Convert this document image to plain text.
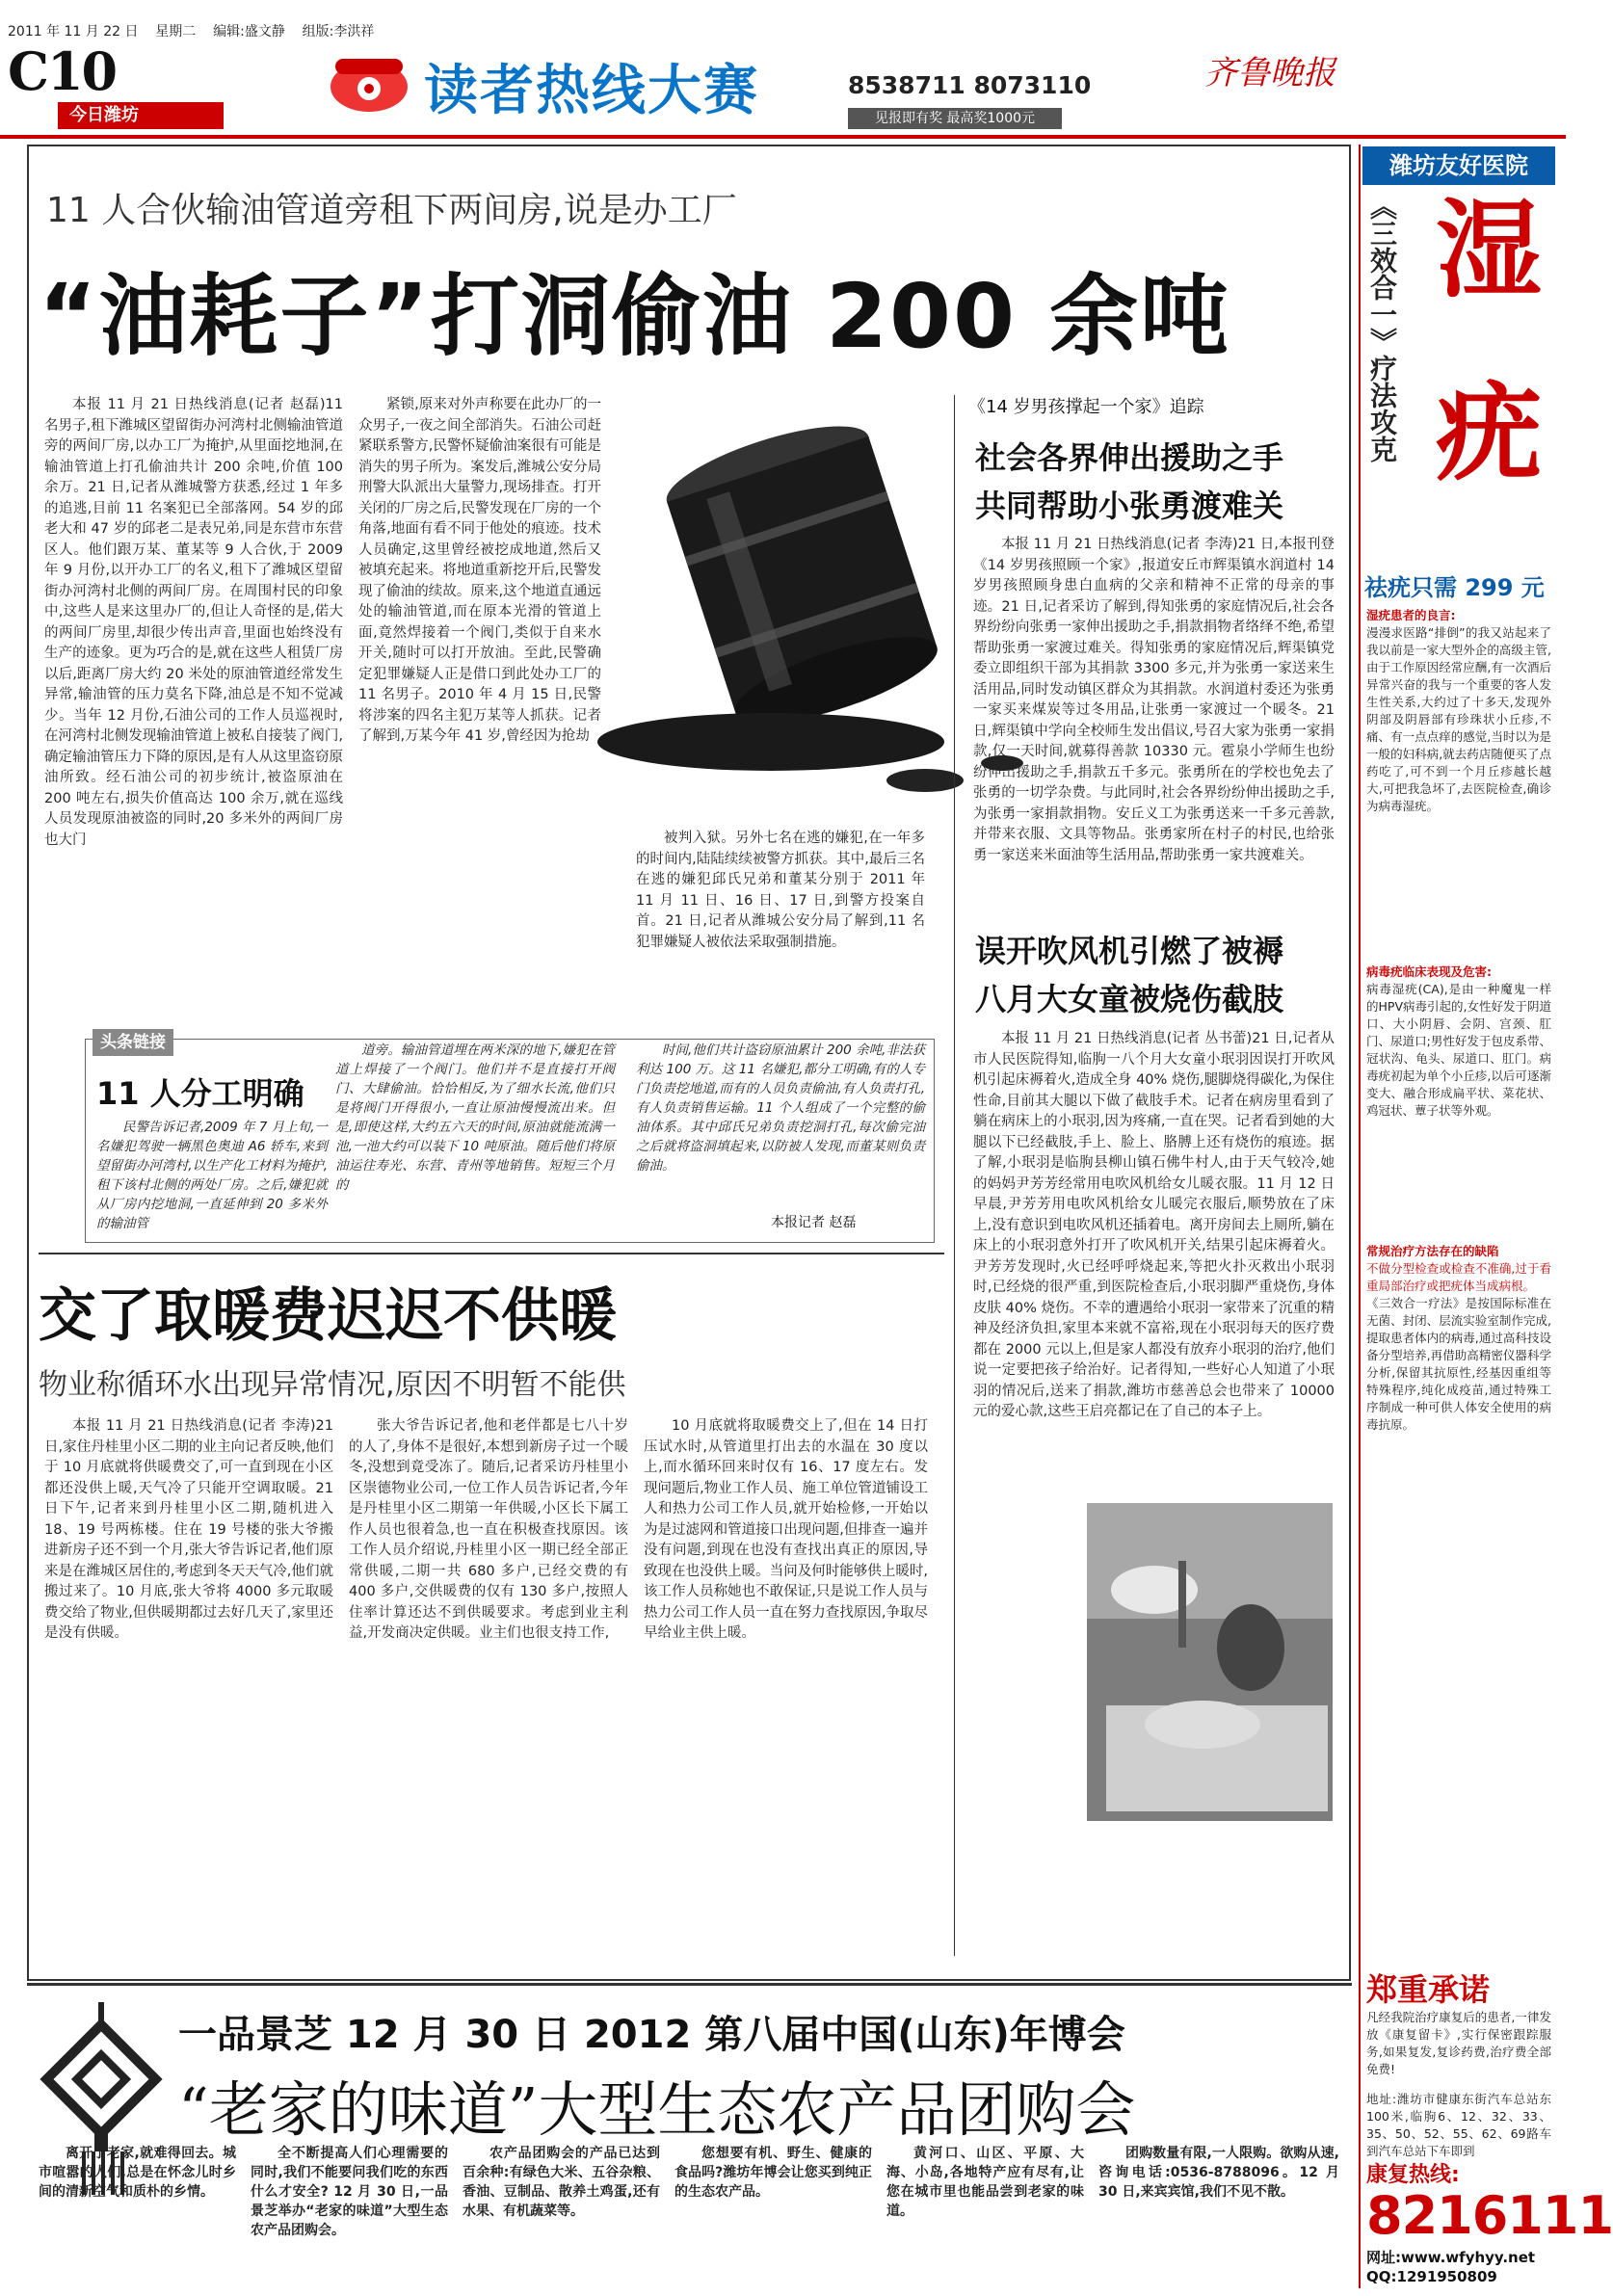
2011 年 11 月 22 日    星期二    编辑:盛文静    组版:李洪祥
C10
今日潍坊	读者热线大赛	8538711 8073110
见报即有奖 最高奖1000元
齐鲁晚报
11 人合伙输油管道旁租下两间房,说是办工厂
“油耗子”打洞偷油 200 余吨

本报 11 月 21 日热线消息(记者 赵磊)11 名男子,租下潍城区望留街办河湾村北侧输油管道旁的两间厂房,以办工厂为掩护,从里面挖地洞,在输油管道上打孔偷油共计 200 余吨,价值 100 余万。21 日,记者从潍城警方获悉,经过 1 年多的追逃,目前 11 名案犯已全部落网。54 岁的邱老大和 47 岁的邱老二是表兄弟,同是东营市东营区人。他们跟万某、董某等 9 人合伙,于 2009 年 9 月份,以开办工厂的名义,租下了潍城区望留街办河湾村北侧的两间厂房。在周围村民的印象中,这些人是来这里办厂的,但让人奇怪的是,偌大的两间厂房里,却很少传出声音,里面也始终没有生产的迹象。更为巧合的是,就在这些人租赁厂房以后,距离厂房大约 20 米处的原油管道经常发生异常,输油管的压力莫名下降,油总是不知不觉减少。当年 12 月份,石油公司的工作人员巡视时,在河湾村北侧发现输油管道上被私自接装了阀门,确定输油管压力下降的原因,是有人从这里盗窃原油所致。经石油公司的初步统计,被盗原油在 200 吨左右,损失价值高达 100 余万,就在巡线人员发现原油被盗的同时,20 多米外的两间厂房也大门

紧锁,原来对外声称要在此办厂的一众男子,一夜之间全部消失。石油公司赶紧联系警方,民警怀疑偷油案很有可能是消失的男子所为。案发后,潍城公安分局刑警大队派出大量警力,现场排查。打开关闭的厂房之后,民警发现在厂房的一个角落,地面有看不同于他处的痕迹。技术人员确定,这里曾经被挖成地道,然后又被填充起来。将地道重新挖开后,民警发现了偷油的续故。原来,这个地道直通远处的输油管道,而在原本光滑的管道上面,竟然焊接着一个阀门,类似于自来水开关,随时可以打开放油。至此,民警确定犯罪嫌疑人正是借口到此处办工厂的 11 名男子。2010 年 4 月 15 日,民警将涉案的四名主犯万某等人抓获。记者了解到,万某今年 41 岁,曾经因为抢劫

被判入狱。另外七名在逃的嫌犯,在一年多的时间内,陆陆续续被警方抓获。其中,最后三名在逃的嫌犯邱氏兄弟和董某分别于 2011 年 11 月 11 日、16 日、17 日,到警方投案自首。21 日,记者从潍城公安分局了解到,11 名犯罪嫌疑人被依法采取强制措施。

头条链接
11 人分工明确

民警告诉记者,2009 年 7 月上旬,一名嫌犯驾驶一辆黑色奥迪 A6 轿车,来到望留街办河湾村,以生产化工材料为掩护,租下该村北侧的两处厂房。之后,嫌犯就从厂房内挖地洞,一直延伸到 20 多米外的输油管

道旁。输油管道埋在两米深的地下,嫌犯在管道上焊接了一个阀门。他们并不是直接打开阀门、大肆偷油。恰恰相反,为了细水长流,他们只是将阀门开得很小,一直让原油慢慢流出来。但是,即使这样,大约五六天的时间,原油就能流满一池,一池大约可以装下 10 吨原油。随后他们将原油运往寿光、东营、青州等地销售。短短三个月的

时间,他们共计盗窃原油累计 200 余吨,非法获利达 100 万。这 11 名嫌犯,都分工明确,有的人专门负责挖地道,而有的人员负责偷油,有人负责打孔,有人负责销售运输。11 个人组成了一个完整的偷油体系。其中邱氏兄弟负责挖洞打孔,每次偷完油之后就将盗洞填起来,以防被人发现,而董某则负责偷油。

本报记者 赵磊
交了取暖费迟迟不供暖
物业称循环水出现异常情况,原因不明暂不能供

本报 11 月 21 日热线消息(记者 李涛)21 日,家住丹桂里小区二期的业主向记者反映,他们于 10 月底就将供暖费交了,可一直到现在小区都还没供上暖,天气冷了只能开空调取暖。21 日下午,记者来到丹桂里小区二期,随机进入 18、19 号两栋楼。住在 19 号楼的张大爷搬进新房子还不到一个月,张大爷告诉记者,他们原来是在潍城区居住的,考虑到冬天天气冷,他们就搬过来了。10 月底,张大爷将 4000 多元取暖费交给了物业,但供暖期都过去好几天了,家里还是没有供暖。

张大爷告诉记者,他和老伴都是七八十岁的人了,身体不是很好,本想到新房子过一个暖冬,没想到竟受冻了。随后,记者采访丹桂里小区崇德物业公司,一位工作人员告诉记者,今年是丹桂里小区二期第一年供暖,小区长下属工作人员也很着急,也一直在积极查找原因。该工作人员介绍说,丹桂里小区一期已经全部正常供暖,二期一共 680 多户,已经交费的有 400 多户,交供暖费的仅有 130 多户,按照人住率计算还达不到供暖要求。考虑到业主利益,开发商决定供暖。业主们也很支持工作,

10 月底就将取暖费交上了,但在 14 日打压试水时,从管道里打出去的水温在 30 度以上,而水循环回来时仅有 16、17 度左右。发现问题后,物业工作人员、施工单位管道铺设工人和热力公司工作人员,就开始检修,一开始以为是过滤网和管道接口出现问题,但排查一遍并没有问题,到现在也没有查找出真正的原因,导致现在也没供上暖。当问及何时能够供上暖时,该工作人员称她也不敢保证,只是说工作人员与热力公司工作人员一直在努力查找原因,争取尽早给业主供上暖。

《14 岁男孩撑起一个家》追踪
社会各界伸出援助之手
共同帮助小张勇渡难关

本报 11 月 21 日热线消息(记者 李涛)21 日,本报刊登《14 岁男孩照顾一个家》,报道安丘市辉渠镇水润道村 14 岁男孩照顾身患白血病的父亲和精神不正常的母亲的事迹。21 日,记者采访了解到,得知张勇的家庭情况后,社会各界纷纷向张勇一家伸出援助之手,捐款捐物者络绎不绝,希望帮助张勇一家渡过难关。得知张勇的家庭情况后,辉渠镇党委立即组织干部为其捐款 3300 多元,并为张勇一家送来生活用品,同时发动镇区群众为其捐款。水润道村委还为张勇一家买来煤炭等过冬用品,让张勇一家渡过一个暖冬。21 日,辉渠镇中学向全校师生发出倡议,号召大家为张勇一家捐款,仅一天时间,就募得善款 10330 元。雹泉小学师生也纷纷伸出援助之手,捐款五千多元。张勇所在的学校也免去了张勇的一切学杂费。与此同时,社会各界纷纷伸出援助之手,为张勇一家捐款捐物。安丘义工为张勇送来一千多元善款,并带来衣服、文具等物品。张勇家所在村子的村民,也给张勇一家送来米面油等生活用品,帮助张勇一家共渡难关。

误开吹风机引燃了被褥
八月大女童被烧伤截肢

本报 11 月 21 日热线消息(记者 丛书蕾)21 日,记者从市人民医院得知,临朐一八个月大女童小珉羽因误打开吹风机引起床褥着火,造成全身 40% 烧伤,腿脚烧得碳化,为保住性命,目前其大腿以下做了截肢手术。记者在病房里看到了躺在病床上的小珉羽,因为疼痛,一直在哭。记者看到她的大腿以下已经截肢,手上、脸上、胳膊上还有烧伤的痕迹。据了解,小珉羽是临朐县柳山镇石佛牛村人,由于天气较冷,她的妈妈尹芳芳经常用电吹风机给女儿暖衣服。11 月 12 日早晨,尹芳芳用电吹风机给女儿暖完衣服后,顺势放在了床上,没有意识到电吹风机还插着电。离开房间去上厕所,躺在床上的小珉羽意外打开了吹风机开关,结果引起床褥着火。尹芳芳发现时,火已经呼呼烧起来,等把火扑灭救出小珉羽时,已经烧的很严重,到医院检查后,小珉羽脚严重烧伤,身体皮肤 40% 烧伤。不幸的遭遇给小珉羽一家带来了沉重的精神及经济负担,家里本来就不富裕,现在小珉羽每天的医疗费都在 2000 元以上,但是家人都没有放弃小珉羽的治疗,他们说一定要把孩子给治好。记者得知,一些好心人知道了小珉羽的情况后,送来了捐款,潍坊市慈善总会也带来了 10000 元的爱心款,这些王启亮都记在了自己的本子上。

潍坊友好医院
《三效合一》疗法攻克 湿
疣
祛疣只需 299 元
湿疣患者的良言:
漫漫求医路“排倒”的我又站起来了 我以前是一家大型外企的高级主管,由于工作原因经常应酬,有一次酒后异常兴奋的我与一个重要的客人发生性关系,大约过了十多天,发现外阴部及阴唇部有珍珠状小丘疹,不痛、有一点点痒的感觉,当时以为是一般的妇科病,就去药店随便买了点药吃了,可不到一个月丘疹越长越大,可把我急坏了,去医院检查,确诊为病毒湿疣。
病毒疣临床表现及危害:
病毒湿疣(CA),是由一种魔鬼一样的HPV病毒引起的,女性好发于阴道口、大小阴唇、会阴、宫颈、肛门、尿道口;男性好发于包皮系带、冠状沟、龟头、尿道口、肛门。病毒疣初起为单个小丘疹,以后可逐渐变大、融合形成扁平状、菜花状、鸡冠状、蕈子状等外观。
常规治疗方法存在的缺陷
不做分型检查或检查不准确,过于看重局部治疗或把疣体当成病根。
《三效合一疗法》是按国际标准在无菌、封闭、层流实验室制作完成,提取患者体内的病毒,通过高科技设备分型培养,再借助高精密仪器科学分析,保留其抗原性,经基因重组等特殊程序,纯化成疫苗,通过特殊工序制成一种可供人体安全使用的病毒抗原。
郑重承诺
凡经我院治疗康复后的患者,一律发放《康复留卡》,实行保密跟踪服务,如果复发,复诊药费,治疗费全部免费!
地址:潍坊市健康东街汽车总站东100米,临朐6、12、32、33、35、50、52、55、62、69路车到汽车总站下车即到
康复热线:
8216111
网址:www.wfyhyy.net
QQ:1291950809
一品景芝 12 月 30 日 2012 第八届中国(山东)年博会
“老家的味道”大型生态农产品团购会

离开了老家,就难得回去。城市喧嚣的人们,总是在怀念儿时乡间的清新空气和质朴的乡情。

全不断提高人们心理需要的同时,我们不能要问我们吃的东西什么才安全? 12 月 30 日,一品景芝举办“老家的味道”大型生态农产品团购会。

农产品团购会的产品已达到百余种:有绿色大米、五谷杂粮、香油、豆制品、散养土鸡蛋,还有水果、有机蔬菜等。

您想要有机、野生、健康的食品吗?潍坊年博会让您买到纯正的生态农产品。

黄河口、山区、平原、大海、小岛,各地特产应有尽有,让您在城市里也能品尝到老家的味道。

团购数量有限,一人限购。欲购从速,咨询电话:0536-8788096。12 月 30 日,来宾宾馆,我们不见不散。
